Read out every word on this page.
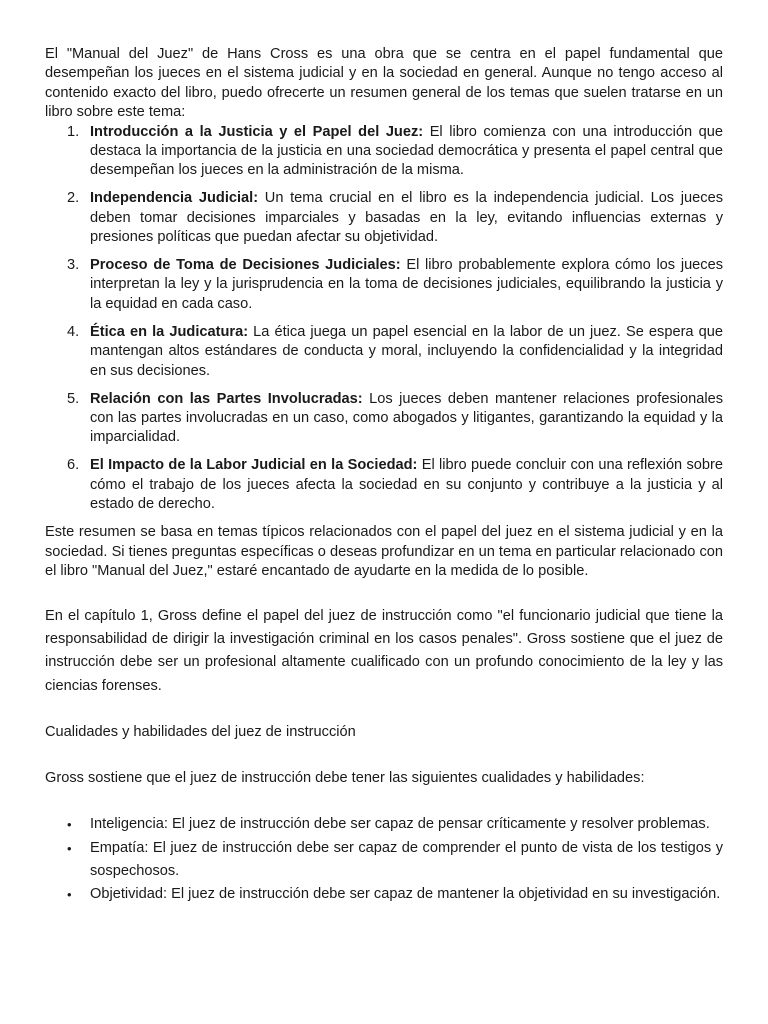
El "Manual del Juez" de Hans Cross es una obra que se centra en el papel fundamental que desempeñan los jueces en el sistema judicial y en la sociedad en general. Aunque no tengo acceso al contenido exacto del libro, puedo ofrecerte un resumen general de los temas que suelen tratarse en un libro sobre este tema:

1. Introducción a la Justicia y el Papel del Juez: El libro comienza con una introducción que destaca la importancia de la justicia en una sociedad democrática y presenta el papel central que desempeñan los jueces en la administración de la misma.
2. Independencia Judicial: Un tema crucial en el libro es la independencia judicial. Los jueces deben tomar decisiones imparciales y basadas en la ley, evitando influencias externas y presiones políticas que puedan afectar su objetividad.
3. Proceso de Toma de Decisiones Judiciales: El libro probablemente explora cómo los jueces interpretan la ley y la jurisprudencia en la toma de decisiones judiciales, equilibrando la justicia y la equidad en cada caso.
4. Ética en la Judicatura: La ética juega un papel esencial en la labor de un juez. Se espera que mantengan altos estándares de conducta y moral, incluyendo la confidencialidad y la integridad en sus decisiones.
5. Relación con las Partes Involucradas: Los jueces deben mantener relaciones profesionales con las partes involucradas en un caso, como abogados y litigantes, garantizando la equidad y la imparcialidad.
6. El Impacto de la Labor Judicial en la Sociedad: El libro puede concluir con una reflexión sobre cómo el trabajo de los jueces afecta la sociedad en su conjunto y contribuye a la justicia y al estado de derecho.

Este resumen se basa en temas típicos relacionados con el papel del juez en el sistema judicial y en la sociedad. Si tienes preguntas específicas o deseas profundizar en un tema en particular relacionado con el libro "Manual del Juez," estaré encantado de ayudarte en la medida de lo posible.

En el capítulo 1, Gross define el papel del juez de instrucción como "el funcionario judicial que tiene la responsabilidad de dirigir la investigación criminal en los casos penales". Gross sostiene que el juez de instrucción debe ser un profesional altamente cualificado con un profundo conocimiento de la ley y las ciencias forenses.

Cualidades y habilidades del juez de instrucción

Gross sostiene que el juez de instrucción debe tener las siguientes cualidades y habilidades:

• Inteligencia: El juez de instrucción debe ser capaz de pensar críticamente y resolver problemas.
• Empatía: El juez de instrucción debe ser capaz de comprender el punto de vista de los testigos y sospechosos.
• Objetividad: El juez de instrucción debe ser capaz de mantener la objetividad en su investigación.
